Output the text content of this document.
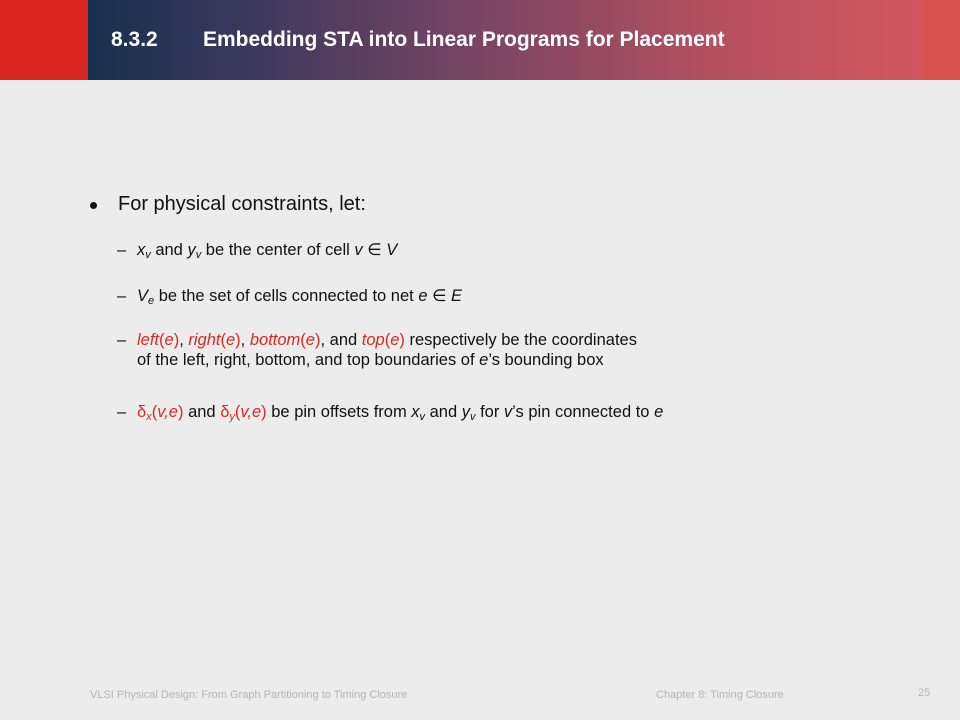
8.3.2 Embedding STA into Linear Programs for Placement
For physical constraints, let:
– $x_v$ and $y_v$ be the center of cell v ∈ V
– $V_e$ be the set of cells connected to net e ∈ E
– left(e), right(e), bottom(e), and top(e) respectively be the coordinates
of the left, right, bottom, and top boundaries of e’s bounding box
– $\delta_x(v,e)$ and $\delta_y(v,e)$ be pin offsets from $x_v$ and $y_v$ for v’s pin connected to e
VLSI Physical Design: From Graph Partitioning to Timing Closure	Chapter 8: Timing Closure	25
